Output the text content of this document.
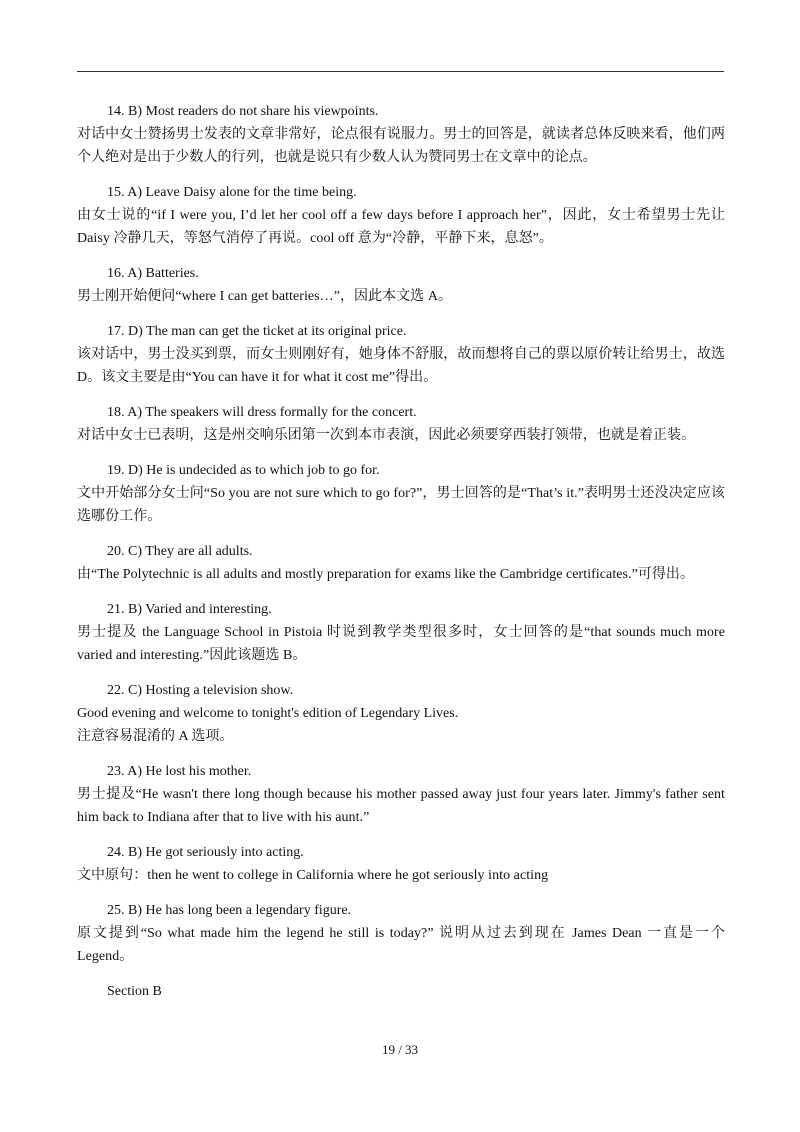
14. B) Most readers do not share his viewpoints.
对话中女士赞扬男士发表的文章非常好，论点很有说服力。男士的回答是，就读者总体反映来看，他们两个人绝对是出于少数人的行列，也就是说只有少数人认为赞同男士在文章中的论点。
15. A) Leave Daisy alone for the time being.
由女士说的“if I were you, I’d let her cool off a few days before I approach her”，因此，女士希望男士先让 Daisy 冷静几天，等怒气消停了再说。cool off 意为“冷静，平静下来，息怒”。
16. A) Batteries.
男士刚开始便问“where I can get batteries…”，因此本文选 A。
17. D) The man can get the ticket at its original price.
该对话中，男士没买到票，而女士则刚好有，她身体不舒服，故而想将自己的票以原价转让给男士，故选 D。该文主要是由“You can have it for what it cost me”得出。
18. A) The speakers will dress formally for the concert.
对话中女士已表明，这是州交响乐团第一次到本市表演，因此必须要穿西装打领带，也就是着正装。
19. D) He is undecided as to which job to go for.
文中开始部分女士问“So you are not sure which to go for?”，男士回答的是“That’s it.”表明男士还没决定应该选哪份工作。
20. C) They are all adults.
由“The Polytechnic is all adults and mostly preparation for exams like the Cambridge certificates.”可得出。
21. B) Varied and interesting.
男士提及 the Language School in Pistoia 时说到教学类型很多时，女士回答的是“that sounds much more varied and interesting.”因此该题选 B。
22. C) Hosting a television show.
Good evening and welcome to tonight's edition of Legendary Lives.
注意容易混淆的 A 选项。
23. A) He lost his mother.
男士提及“He wasn't there long though because his mother passed away just four years later. Jimmy's father sent him back to Indiana after that to live with his aunt.”
24. B) He got seriously into acting.
文中原句：then he went to college in California where he got seriously into acting
25. B) He has long been a legendary figure.
原文提到“So what made him the legend he still is today?” 说明从过去到现在 James Dean 一直是一个 Legend。
Section B
19 / 33
